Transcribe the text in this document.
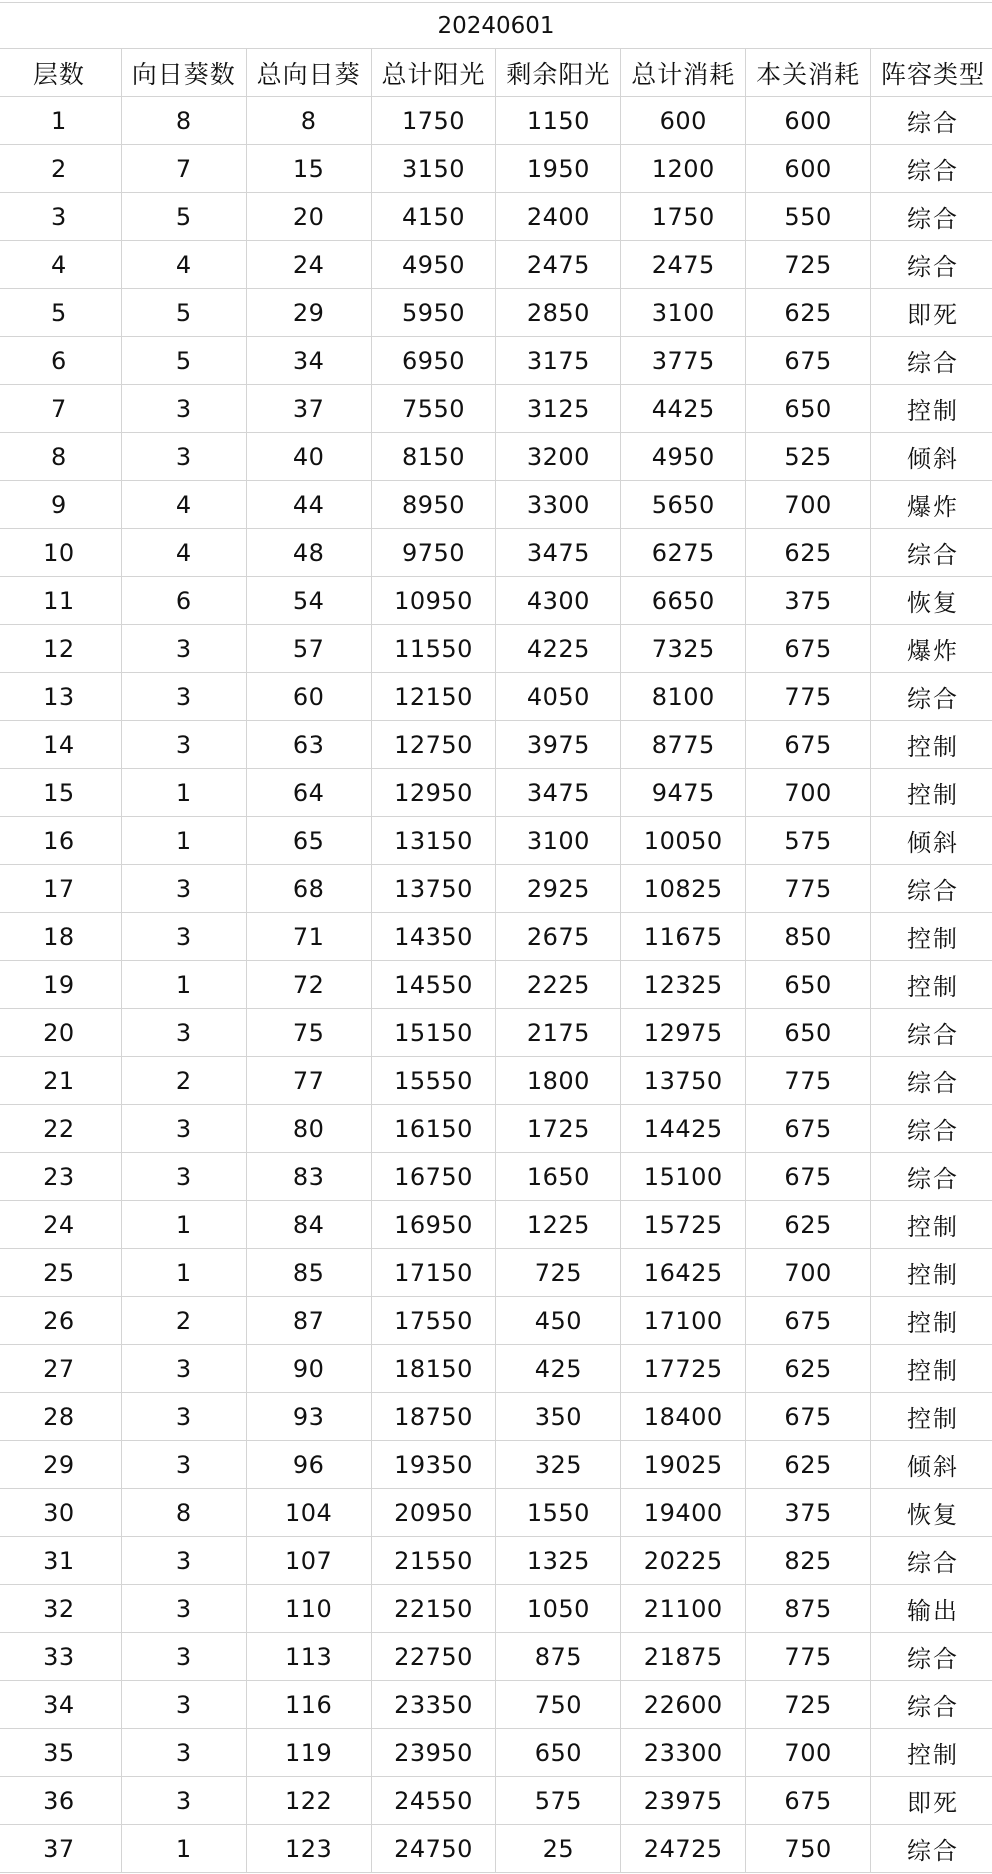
20240601							
层数	向日葵数	总向日葵	总计阳光	剩余阳光	总计消耗	本关消耗	阵容类型
1	8	8	1750	1150	600	600	综合
2	7	15	3150	1950	1200	600	综合
3	5	20	4150	2400	1750	550	综合
4	4	24	4950	2475	2475	725	综合
5	5	29	5950	2850	3100	625	即死
6	5	34	6950	3175	3775	675	综合
7	3	37	7550	3125	4425	650	控制
8	3	40	8150	3200	4950	525	倾斜
9	4	44	8950	3300	5650	700	爆炸
10	4	48	9750	3475	6275	625	综合
11	6	54	10950	4300	6650	375	恢复
12	3	57	11550	4225	7325	675	爆炸
13	3	60	12150	4050	8100	775	综合
14	3	63	12750	3975	8775	675	控制
15	1	64	12950	3475	9475	700	控制
16	1	65	13150	3100	10050	575	倾斜
17	3	68	13750	2925	10825	775	综合
18	3	71	14350	2675	11675	850	控制
19	1	72	14550	2225	12325	650	控制
20	3	75	15150	2175	12975	650	综合
21	2	77	15550	1800	13750	775	综合
22	3	80	16150	1725	14425	675	综合
23	3	83	16750	1650	15100	675	综合
24	1	84	16950	1225	15725	625	控制
25	1	85	17150	725	16425	700	控制
26	2	87	17550	450	17100	675	控制
27	3	90	18150	425	17725	625	控制
28	3	93	18750	350	18400	675	控制
29	3	96	19350	325	19025	625	倾斜
30	8	104	20950	1550	19400	375	恢复
31	3	107	21550	1325	20225	825	综合
32	3	110	22150	1050	21100	875	输出
33	3	113	22750	875	21875	775	综合
34	3	116	23350	750	22600	725	综合
35	3	119	23950	650	23300	700	控制
36	3	122	24550	575	23975	675	即死
37	1	123	24750	25	24725	750	综合
